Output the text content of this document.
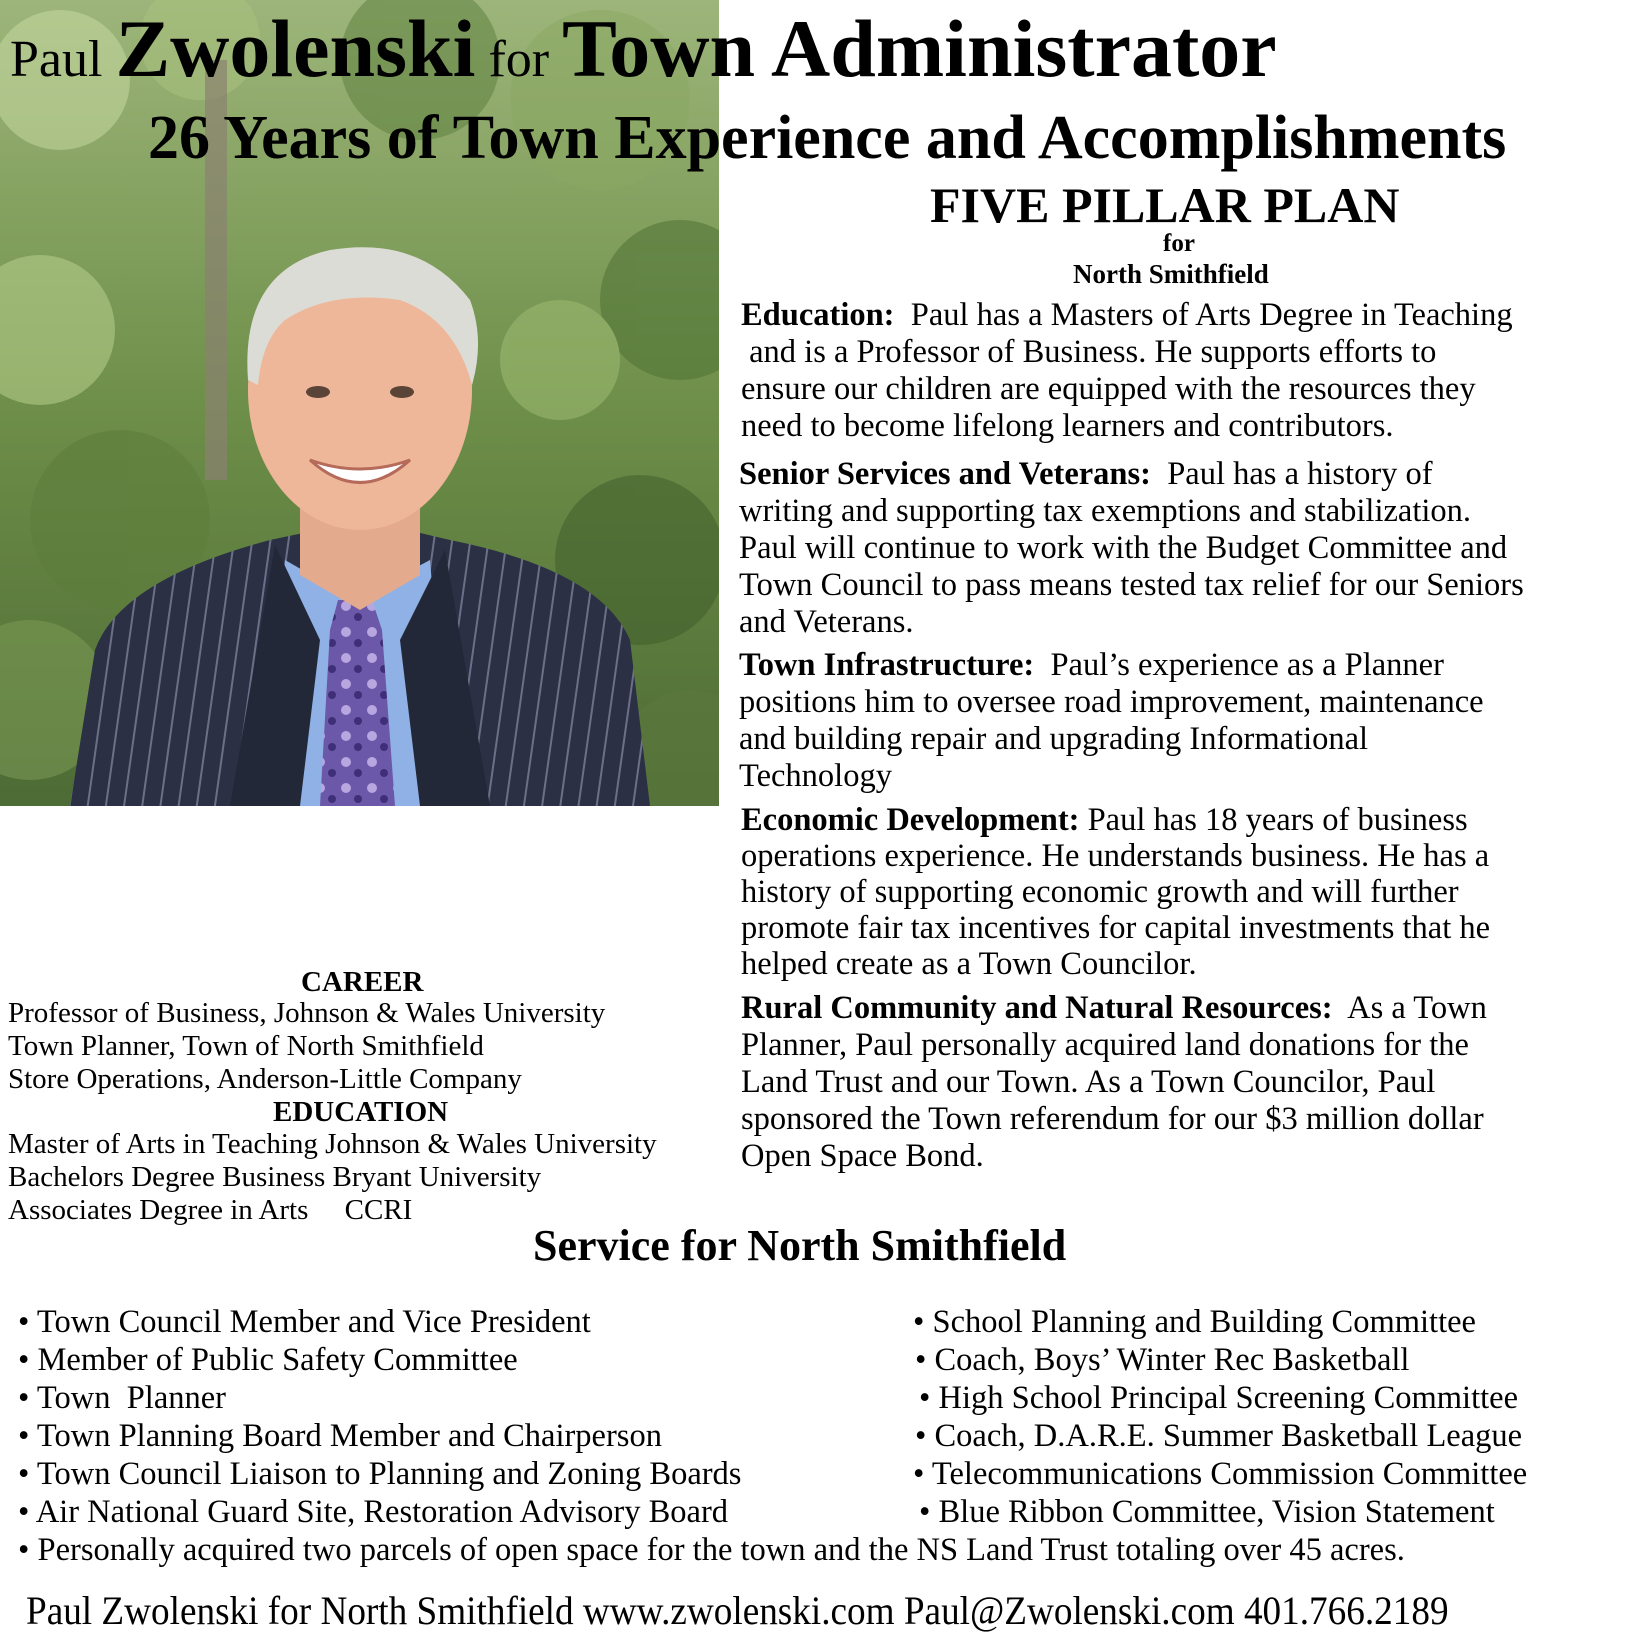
Paul Zwolenski for Town Administrator
26 Years of Town Experience and Accomplishments
CAREER
Professor of Business, Johnson & Wales University
Town Planner, Town of North Smithfield
Store Operations, Anderson-Little Company
EDUCATION
Master of Arts in Teaching Johnson & Wales University
Bachelors Degree Business Bryant University
Associates Degree in Arts     CCRI
FIVE PILLAR PLAN
for
North Smithfield
Education: Paul has a Masters of Arts Degree in Teaching
and is a Professor of Business. He supports efforts to
ensure our children are equipped with the resources they
need to become lifelong learners and contributors.
Senior Services and Veterans: Paul has a history of
writing and supporting tax exemptions and stabilization.
Paul will continue to work with the Budget Committee and
Town Council to pass means tested tax relief for our Seniors
and Veterans.
Town Infrastructure: Paul’s experience as a Planner
positions him to oversee road improvement, maintenance
and building repair and upgrading Informational
Technology
Economic Development: Paul has 18 years of business
operations experience. He understands business. He has a
history of supporting economic growth and will further
promote fair tax incentives for capital investments that he
helped create as a Town Councilor.
Rural Community and Natural Resources: As a Town
Planner, Paul personally acquired land donations for the
Land Trust and our Town. As a Town Councilor, Paul
sponsored the Town referendum for our $3 million dollar
Open Space Bond.
Service for North Smithfield
• Town Council Member and Vice President
• Member of Public Safety Committee
• Town  Planner
• Town Planning Board Member and Chairperson
• Town Council Liaison to Planning and Zoning Boards
• Air National Guard Site, Restoration Advisory Board
• School Planning and Building Committee
• Coach, Boys’ Winter Rec Basketball
• High School Principal Screening Committee
• Coach, D.A.R.E. Summer Basketball League
• Telecommunications Commission Committee
• Blue Ribbon Committee, Vision Statement
• Personally acquired two parcels of open space for the town and the NS Land Trust totaling over 45 acres.
Paul Zwolenski for North Smithfield www.zwolenski.com Paul@Zwolenski.com 401.766.2189
